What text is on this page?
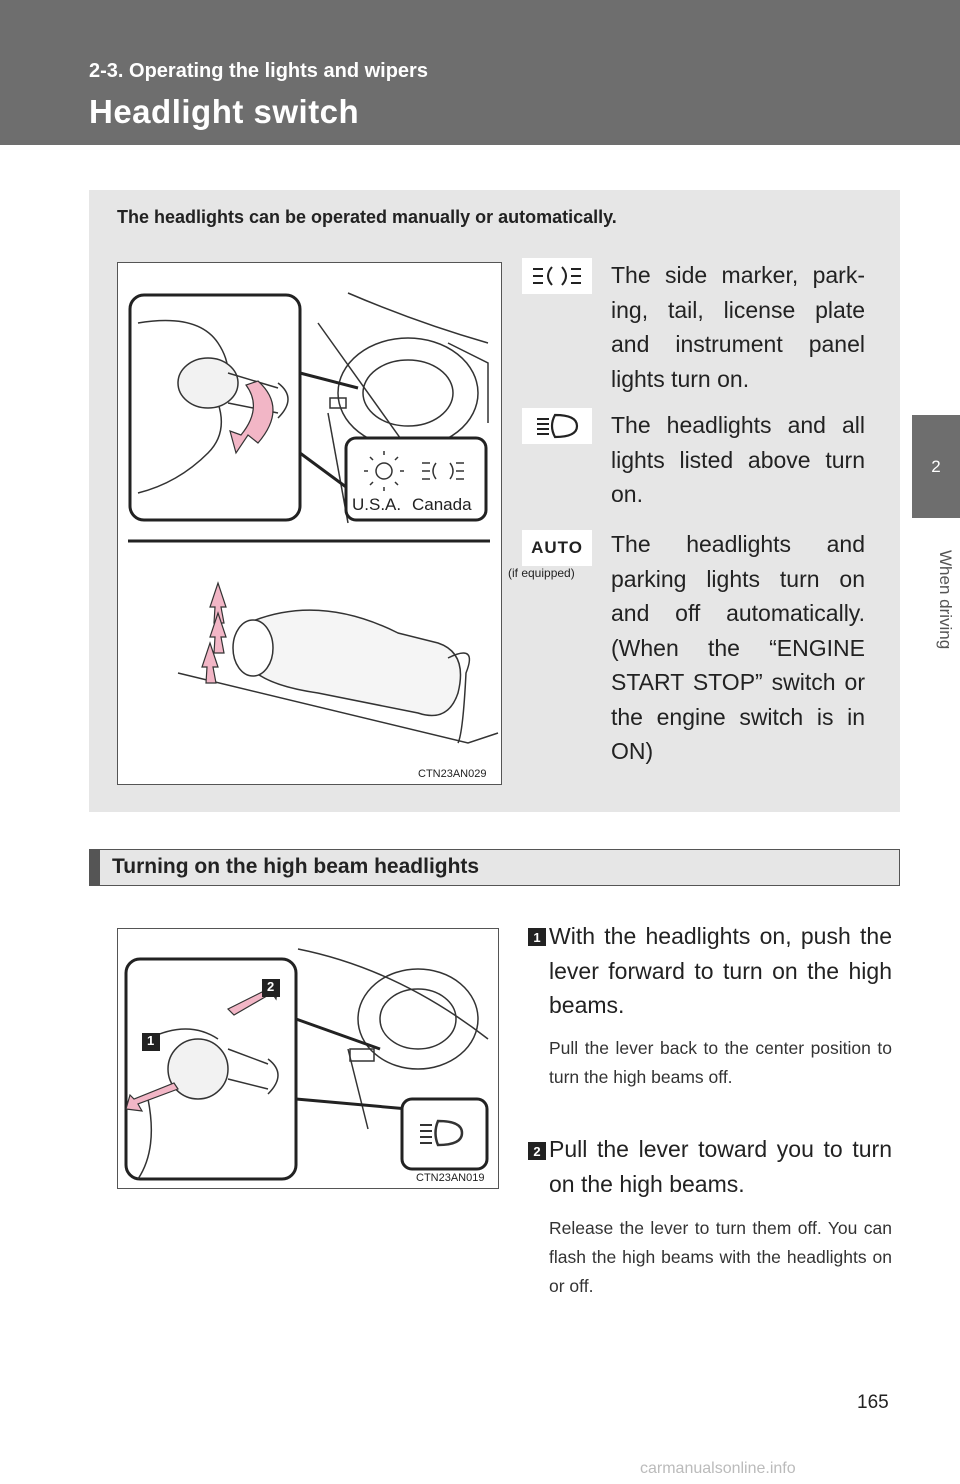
2-3. Operating the lights and wipers
Headlight switch
2
When driving
The headlights can be operated manually or automatically.
U.S.A. Canada
CTN23AN029
The side marker, park-ing, tail, license plate and instrument panel lights turn on.
The headlights and all lights listed above turn on.
AUTO
(if equipped)
The headlights and parking lights turn on and off automatically. (When the “ENGINE START STOP” switch or the engine switch is in ON)
Turning on the high beam headlights
1
2
CTN23AN019
1 With the headlights on, push the lever forward to turn on the high beams.
Pull the lever back to the center position to turn the high beams off.
2 Pull the lever toward you to turn on the high beams.
Release the lever to turn them off. You can flash the high beams with the headlights on or off.
165
carmanualsonline.info
